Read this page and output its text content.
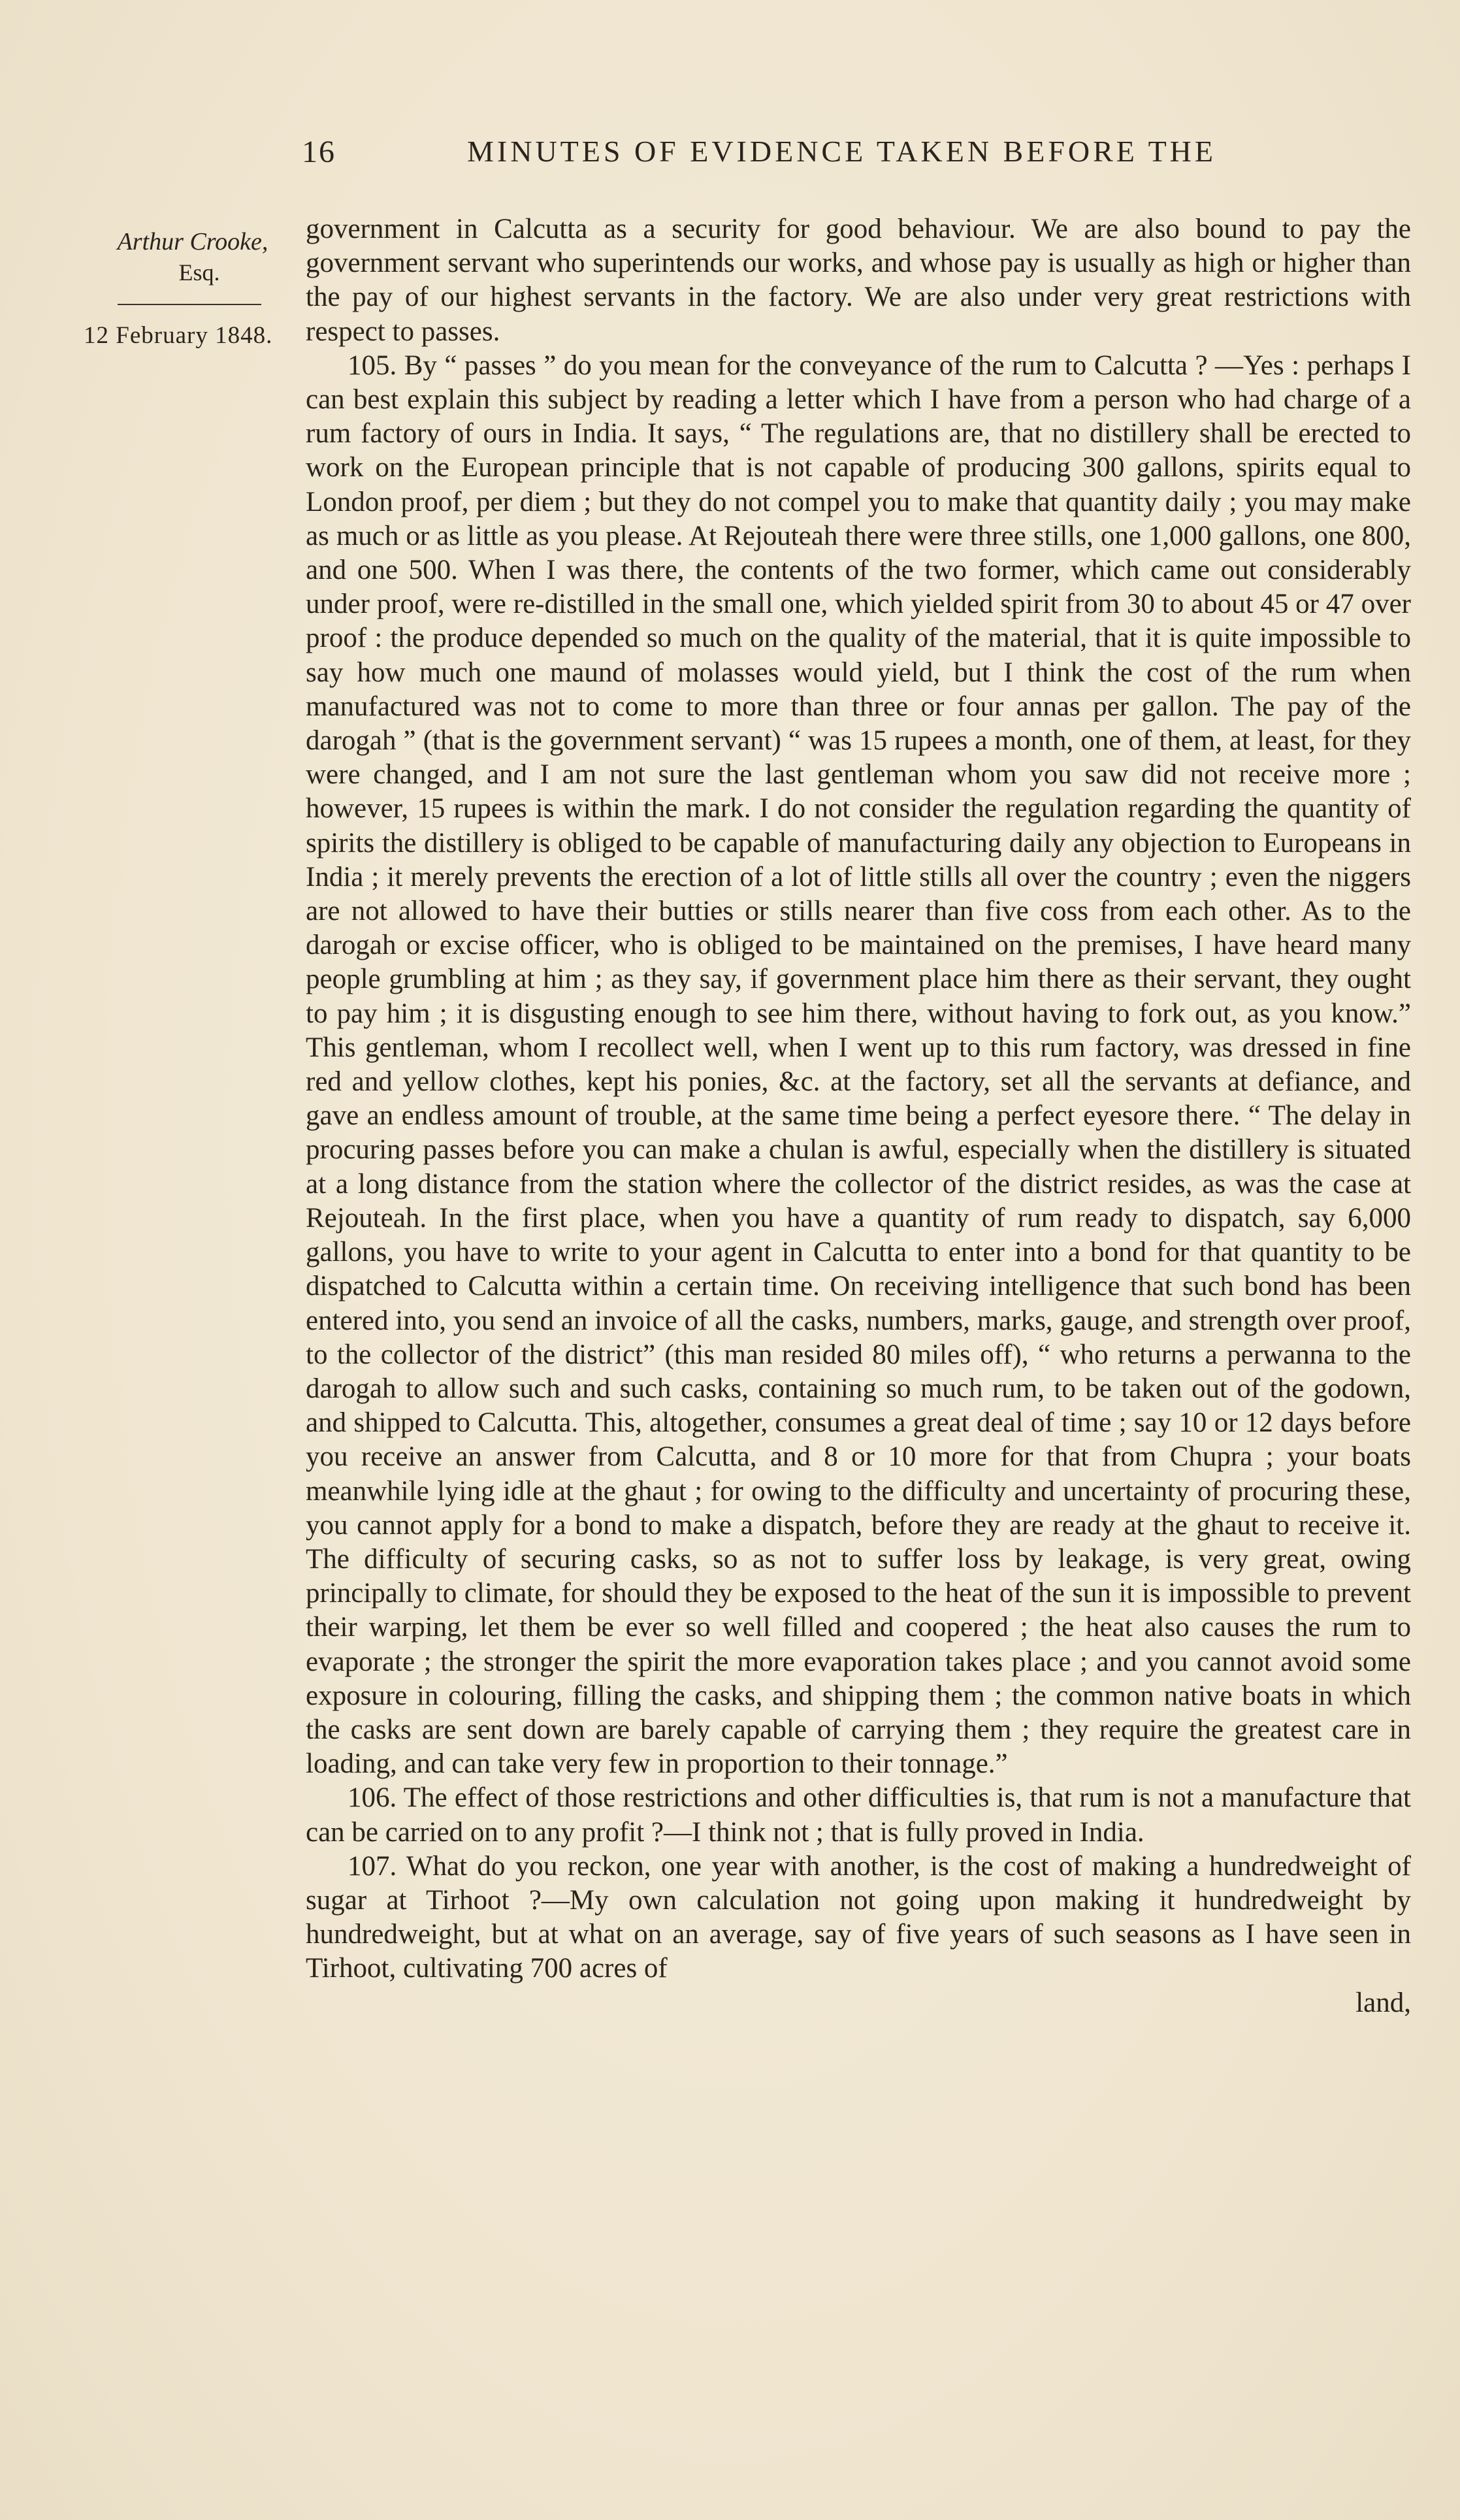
16	MINUTES OF EVIDENCE TAKEN BEFORE THE
Arthur Crooke,
Esq.
12 February 1848.

government in Calcutta as a security for good behaviour. We are also bound to pay the government servant who superintends our works, and whose pay is usually as high or higher than the pay of our highest servants in the factory. We are also under very great restrictions with respect to passes.

105. By “ passes ” do you mean for the conveyance of the rum to Calcutta ? —Yes : perhaps I can best explain this subject by reading a letter which I have from a person who had charge of a rum factory of ours in India. It says, “ The regulations are, that no distillery shall be erected to work on the European principle that is not capable of producing 300 gallons, spirits equal to London proof, per diem ; but they do not compel you to make that quantity daily ; you may make as much or as little as you please. At Rejouteah there were three stills, one 1,000 gallons, one 800, and one 500. When I was there, the contents of the two former, which came out considerably under proof, were re-distilled in the small one, which yielded spirit from 30 to about 45 or 47 over proof : the produce depended so much on the quality of the material, that it is quite impossible to say how much one maund of molasses would yield, but I think the cost of the rum when manufactured was not to come to more than three or four annas per gallon. The pay of the darogah ” (that is the government servant) “ was 15 rupees a month, one of them, at least, for they were changed, and I am not sure the last gentleman whom you saw did not receive more ; however, 15 rupees is within the mark. I do not consider the regulation regarding the quantity of spirits the distillery is obliged to be capable of manufacturing daily any objection to Europeans in India ; it merely prevents the erection of a lot of little stills all over the country ; even the niggers are not allowed to have their butties or stills nearer than five coss from each other. As to the darogah or excise officer, who is obliged to be maintained on the premises, I have heard many people grumbling at him ; as they say, if government place him there as their servant, they ought to pay him ; it is disgusting enough to see him there, without having to fork out, as you know.” This gentleman, whom I recollect well, when I went up to this rum factory, was dressed in fine red and yellow clothes, kept his ponies, &c. at the factory, set all the servants at defiance, and gave an endless amount of trouble, at the same time being a perfect eyesore there. “ The delay in procuring passes before you can make a chulan is awful, especially when the distillery is situated at a long distance from the station where the collector of the district resides, as was the case at Rejouteah. In the first place, when you have a quantity of rum ready to dispatch, say 6,000 gallons, you have to write to your agent in Calcutta to enter into a bond for that quantity to be dispatched to Calcutta within a certain time. On receiving intelligence that such bond has been entered into, you send an invoice of all the casks, numbers, marks, gauge, and strength over proof, to the collector of the district” (this man resided 80 miles off), “ who returns a perwanna to the darogah to allow such and such casks, containing so much rum, to be taken out of the godown, and shipped to Calcutta. This, altogether, consumes a great deal of time ; say 10 or 12 days before you receive an answer from Calcutta, and 8 or 10 more for that from Chupra ; your boats meanwhile lying idle at the ghaut ; for owing to the difficulty and uncertainty of procuring these, you cannot apply for a bond to make a dispatch, before they are ready at the ghaut to receive it. The difficulty of securing casks, so as not to suffer loss by leakage, is very great, owing principally to climate, for should they be exposed to the heat of the sun it is impossible to prevent their warping, let them be ever so well filled and coopered ; the heat also causes the rum to evaporate ; the stronger the spirit the more evaporation takes place ; and you cannot avoid some exposure in colouring, filling the casks, and shipping them ; the common native boats in which the casks are sent down are barely capable of carrying them ; they require the greatest care in loading, and can take very few in proportion to their tonnage.”

106. The effect of those restrictions and other difficulties is, that rum is not a manufacture that can be carried on to any profit ?—I think not ; that is fully proved in India.

107. What do you reckon, one year with another, is the cost of making a hundredweight of sugar at Tirhoot ?—My own calculation not going upon making it hundredweight by hundredweight, but at what on an average, say of five years of such seasons as I have seen in Tirhoot, cultivating 700 acres of

land,
